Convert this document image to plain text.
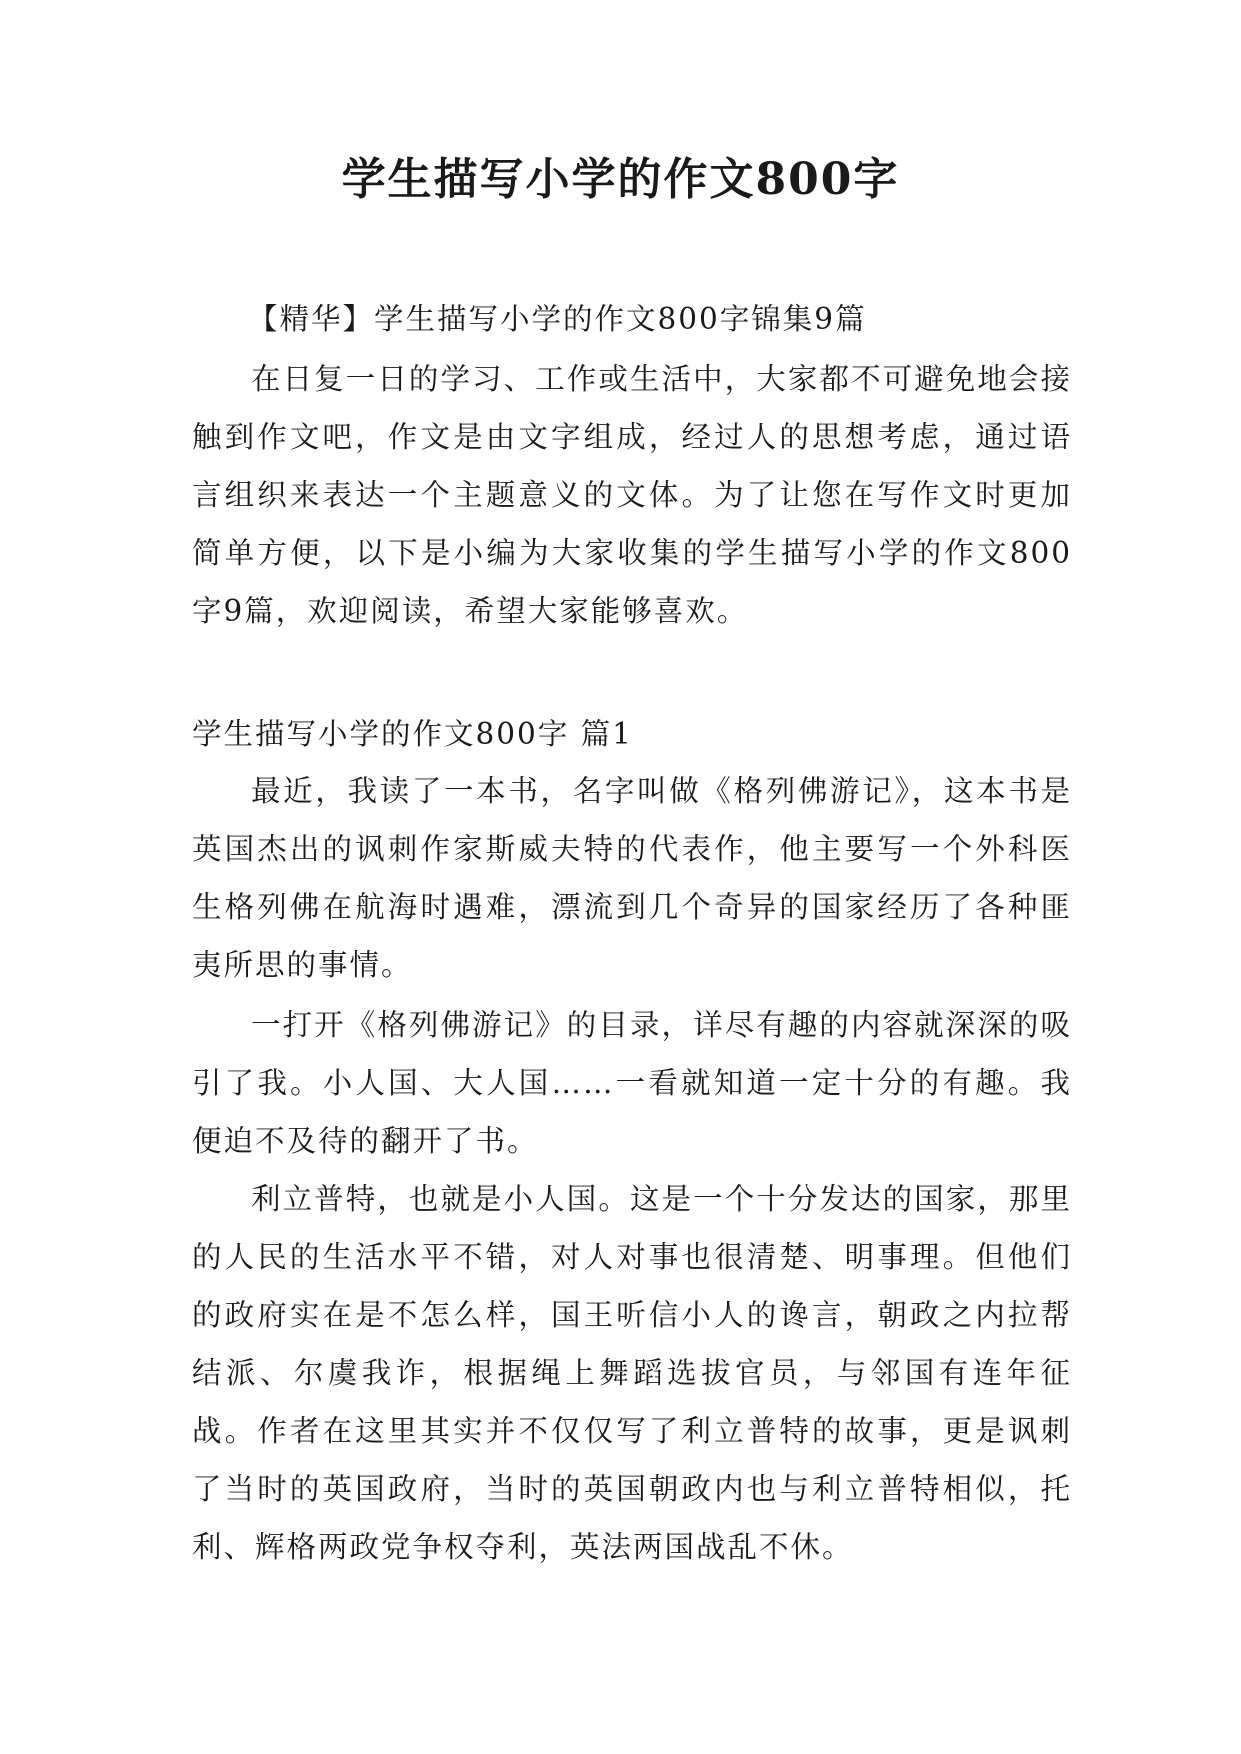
学生描写小学的作文800字

【精华】学生描写小学的作文800字锦集9篇

在日复一日的学习、工作或生活中，大家都不可避免地会接触到作文吧，作文是由文字组成，经过人的思想考虑，通过语言组织来表达一个主题意义的文体。为了让您在写作文时更加简单方便，以下是小编为大家收集的学生描写小学的作文800字9篇，欢迎阅读，希望大家能够喜欢。

学生描写小学的作文800字 篇1

最近，我读了一本书，名字叫做《格列佛游记》，这本书是英国杰出的讽刺作家斯威夫特的代表作，他主要写一个外科医生格列佛在航海时遇难，漂流到几个奇异的国家经历了各种匪夷所思的事情。

一打开《格列佛游记》的目录，详尽有趣的内容就深深的吸引了我。小人国、大人国……一看就知道一定十分的有趣。我便迫不及待的翻开了书。

利立普特，也就是小人国。这是一个十分发达的国家，那里的人民的生活水平不错，对人对事也很清楚、明事理。但他们的政府实在是不怎么样，国王听信小人的谗言，朝政之内拉帮结派、尔虞我诈，根据绳上舞蹈选拔官员，与邻国有连年征战。作者在这里其实并不仅仅写了利立普特的故事，更是讽刺了当时的英国政府，当时的英国朝政内也与利立普特相似，托利、辉格两政党争权夺利，英法两国战乱不休。
